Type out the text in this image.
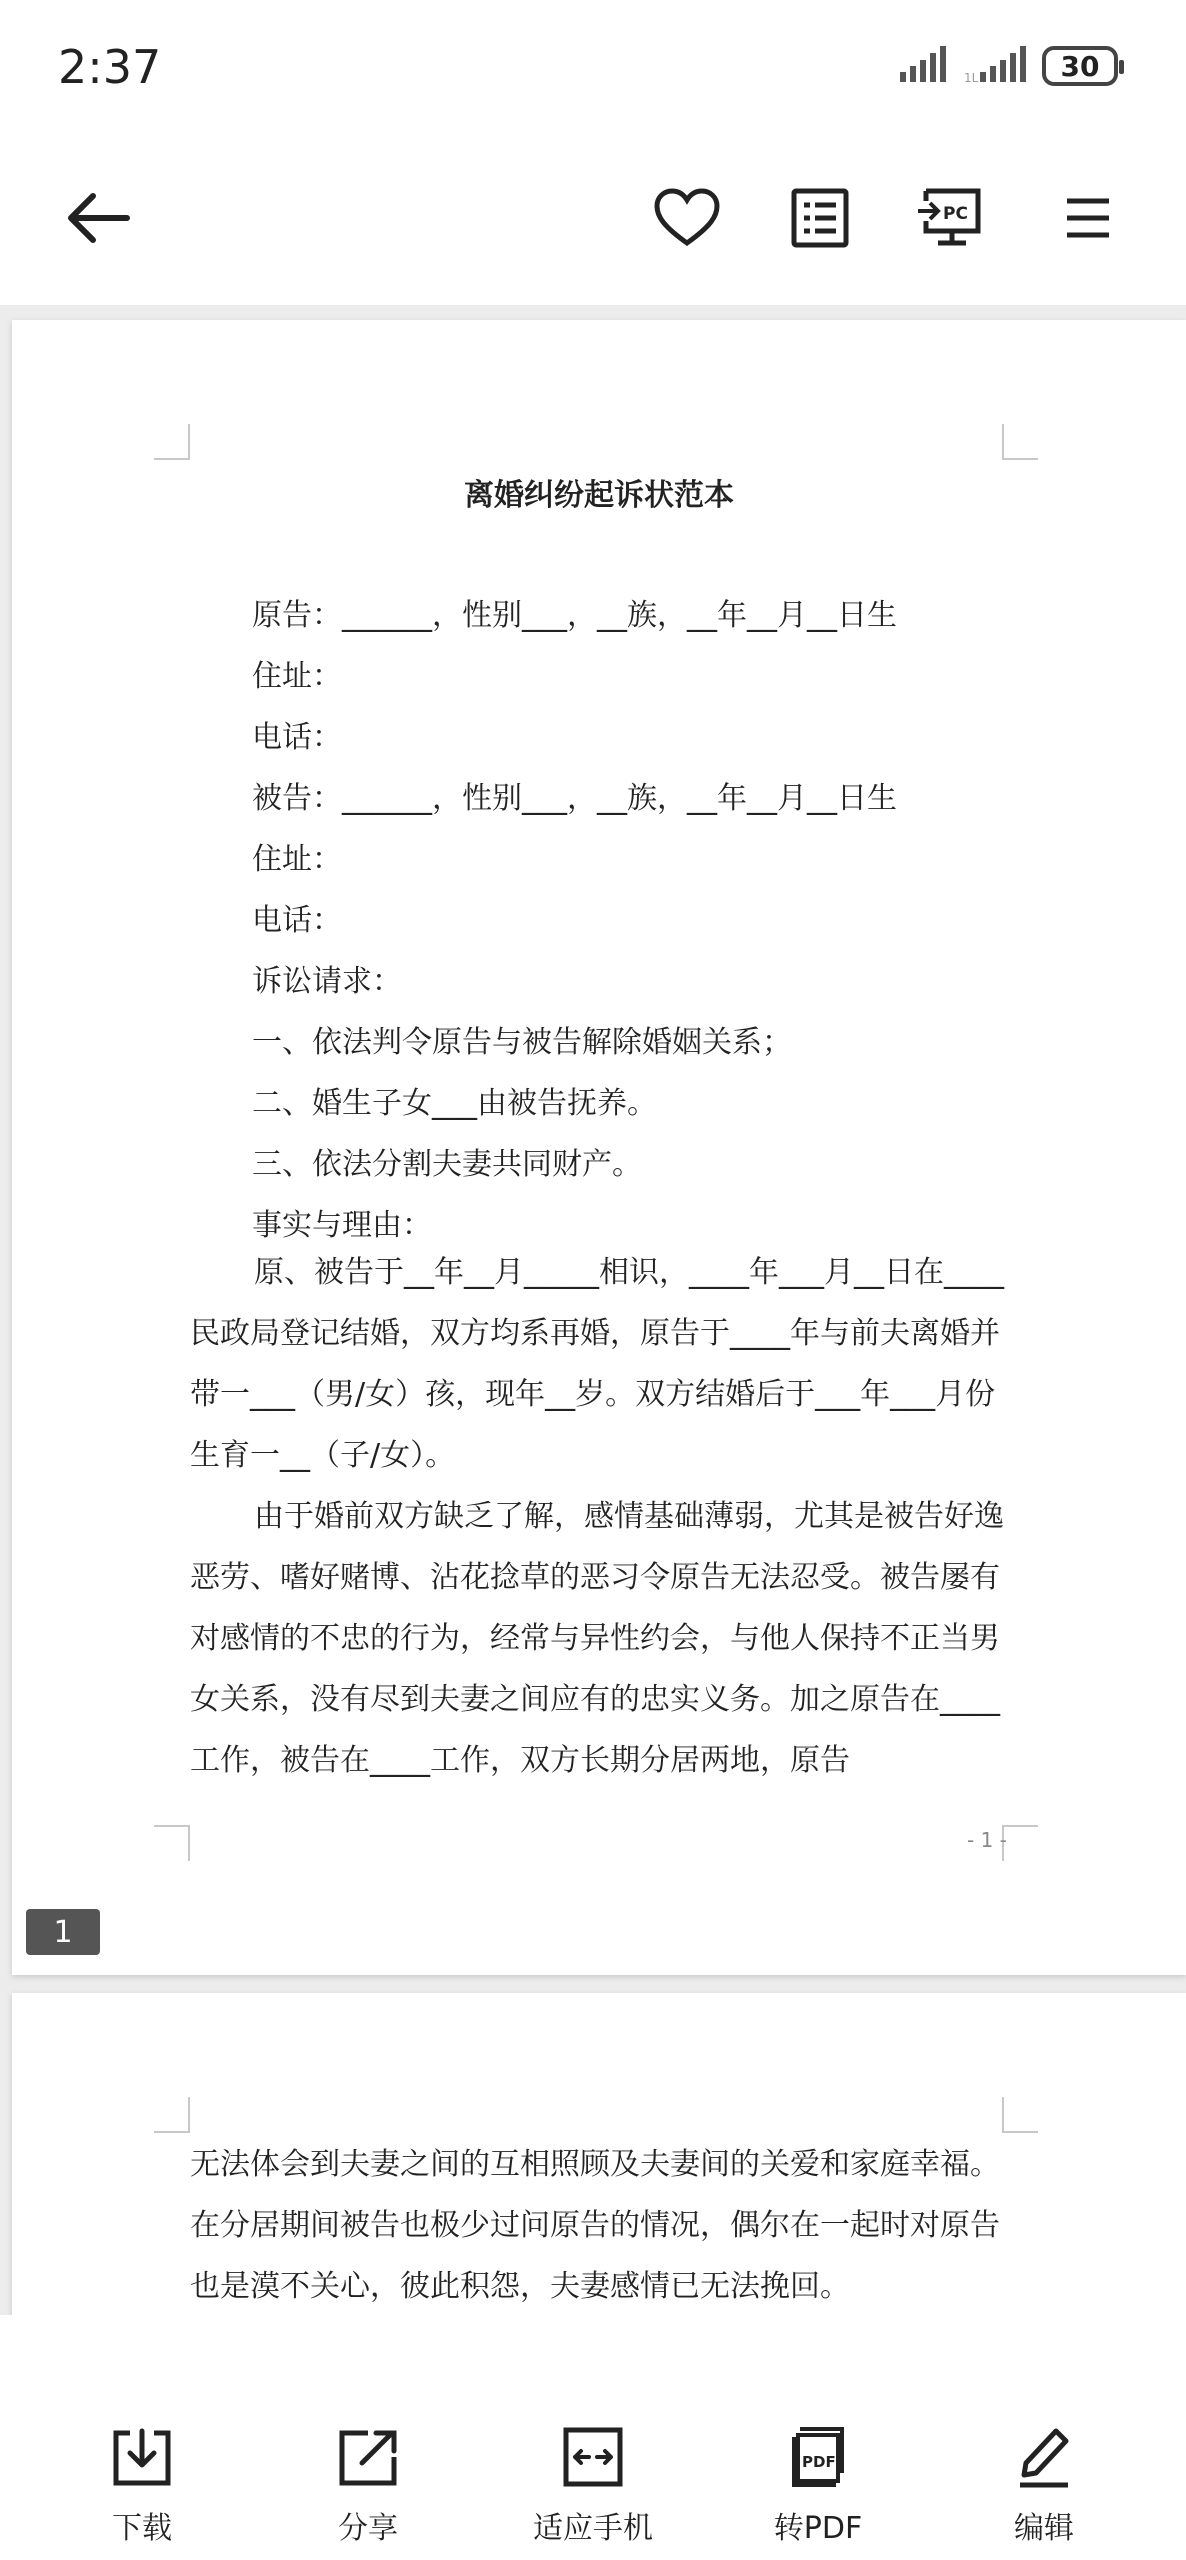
2:37	1L	30
PC
离婚纠纷起诉状范本
原告：______，性别___，__族，__年__月__日生
住址：
电话：
被告：______，性别___，__族，__年__月__日生
住址：
电话：
诉讼请求：
一、依法判令原告与被告解除婚姻关系；
二、婚生子女___由被告抚养。
三、依法分割夫妻共同财产。
事实与理由：

原、被告于__年__月_____相识，____年___月__日在____民政局登记结婚，双方均系再婚，原告于____年与前夫离婚并带一___（男/女）孩，现年__岁。双方结婚后于___年___月份生育一__（子/女）。

由于婚前双方缺乏了解，感情基础薄弱，尤其是被告好逸恶劳、嗜好赌博、沾花捻草的恶习令原告无法忍受。被告屡有对感情的不忠的行为，经常与异性约会，与他人保持不正当男女关系，没有尽到夫妻之间应有的忠实义务。加之原告在____工作，被告在____工作，双方长期分居两地，原告

- 1 -
1

无法体会到夫妻之间的互相照顾及夫妻间的关爱和家庭幸福。在分居期间被告也极少过问原告的情况，偶尔在一起时对原告也是漠不关心，彼此积怨，夫妻感情已无法挽回。

下载	分享	适应手机
PDF
转PDF	编辑
